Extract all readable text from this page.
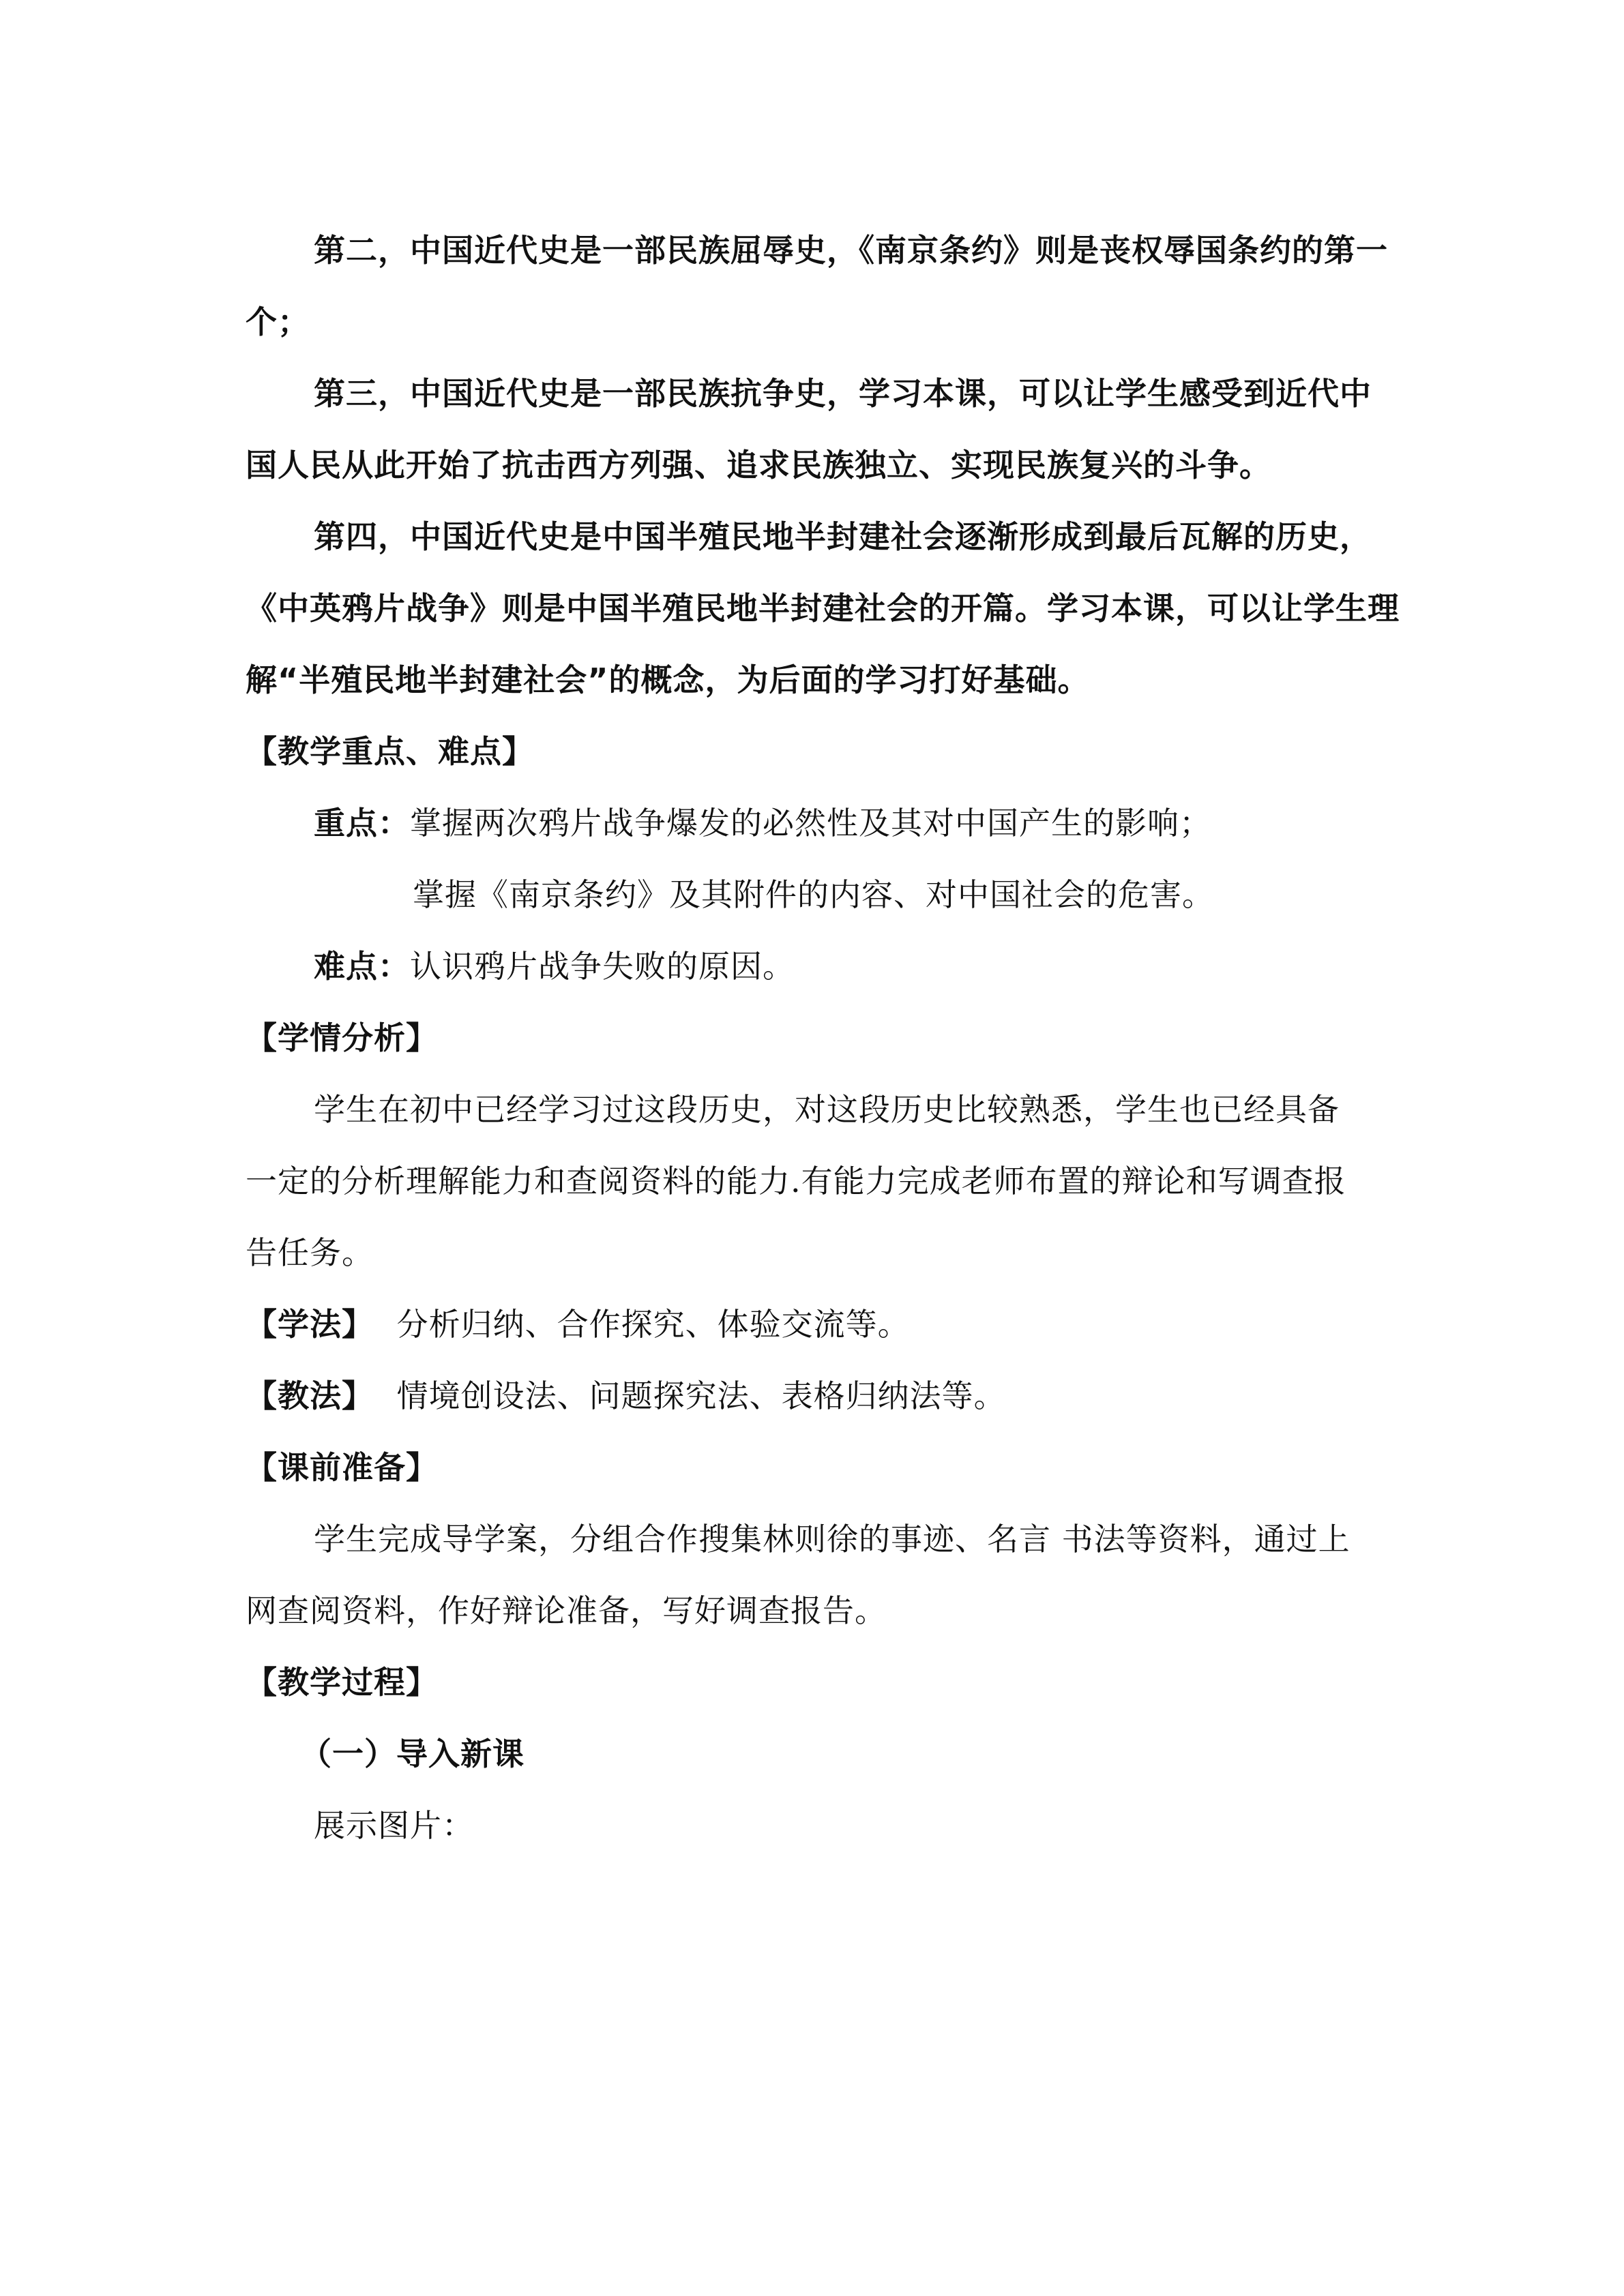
第二，中国近代史是一部民族屈辱史，《南京条约》则是丧权辱国条约的第一
个；
第三，中国近代史是一部民族抗争史，学习本课，可以让学生感受到近代中
国人民从此开始了抗击西方列强、追求民族独立、实现民族复兴的斗争。
第四，中国近代史是中国半殖民地半封建社会逐渐形成到最后瓦解的历史，
《中英鸦片战争》则是中国半殖民地半封建社会的开篇。学习本课，可以让学生理
解“半殖民地半封建社会”的概念，为后面的学习打好基础。
【教学重点、难点】
重点：掌握两次鸦片战争爆发的必然性及其对中国产生的影响；
掌握《南京条约》及其附件的内容、对中国社会的危害。
难点：认识鸦片战争失败的原因。
【学情分析】
学生在初中已经学习过这段历史，对这段历史比较熟悉，学生也已经具备
一定的分析理解能力和查阅资料的能力.有能力完成老师布置的辩论和写调查报
告任务。
【学法】 分析归纳、合作探究、体验交流等。
【教法】 情境创设法、问题探究法、表格归纳法等。
【课前准备】
学生完成导学案，分组合作搜集林则徐的事迹、名言 书法等资料，通过上
网查阅资料，作好辩论准备，写好调查报告。
【教学过程】
（一）导入新课
展示图片：
